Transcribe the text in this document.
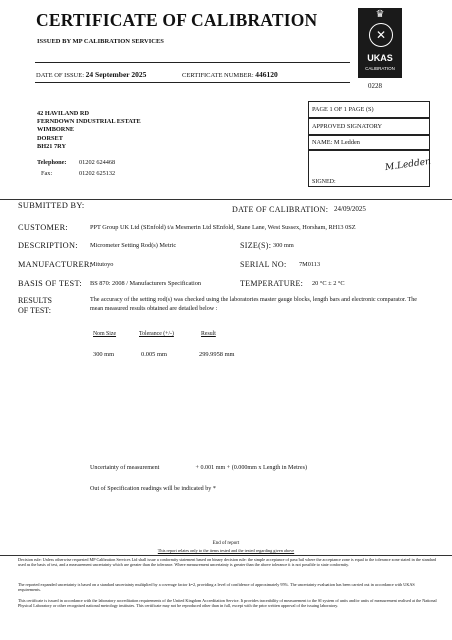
CERTIFICATE OF CALIBRATION
ISSUED BY MP CALIBRATION SERVICES
♛
✕
UKAS
CALIBRATION
0228
DATE OF ISSUE: 24 September 2025	CERTIFICATE NUMBER: 446120
42 HAVILAND RD
FERNDOWN INDUSTRIAL ESTATE
WIMBORNE
DORSET
BH21 7RY
Telephone: 01202 624468
Fax:	01202 625132
PAGE 1 OF 1 PAGE (S)
APPROVED SIGNATORY
NAME: M Ledden
M.Ledden
SIGNED:
SUBMITTED BY:	DATE OF CALIBRATION: 24/09/2025
CUSTOMER:	PPT Group UK Ltd (SEnfold) t/a Mesmerin Ltd SEnfold, Stane Lane, West Sussex, Horsham, RH13 0SZ
DESCRIPTION: Micrometer Setting Rod(s) Metric	SIZE(S): 300 mm
MANUFACTURER:
Mitutoyo	SERIAL NO: 7M0113
BASIS OF TEST: BS 870: 2008 / Manufacturers Specification	TEMPERATURE: 20 °C ± 2 °C
RESULTS
OF TEST:
The accuracy of the setting rod(s) was checked using the laboratories master gauge blocks, length bars and electronic comparator. The mean measured results obtained are detailed below :
Nom Size	Tolerance (+/-)	Result
300 mm	0.005 mm	299.9958 mm
Uncertainty of measurement	+ 0.001 mm + (0.000mm x Length in Metres)
Out of Specification readings will be indicated by *
End of report
This report relates only to the items tested and the tested regarding given above
Decision rule: Unless otherwise requested MP Calibration Services Ltd shall issue a conformity statement based on binary decision rule: the simple acceptance of pass/fail where the acceptance zone is equal to the tolerance zone stated in the standard used as the basis of test, and a measurement uncertainty which are greater than the tolerance. Where measurement uncertainty is greater than the above tolerance it is not possible to state conformity.
The reported expanded uncertainty is based on a standard uncertainty multiplied by a coverage factor k=2, providing a level of confidence of approximately 95%. The uncertainty evaluation has been carried out in accordance with UKAS requirements.
This certificate is issued in accordance with the laboratory accreditation requirements of the United Kingdom Accreditation Service. It provides traceability of measurement to the SI system of units and/or units of measurement realised at the National Physical Laboratory or other recognised national metrology institutes. This certificate may not be reproduced other than in full, except with the prior written approval of the issuing laboratory.
